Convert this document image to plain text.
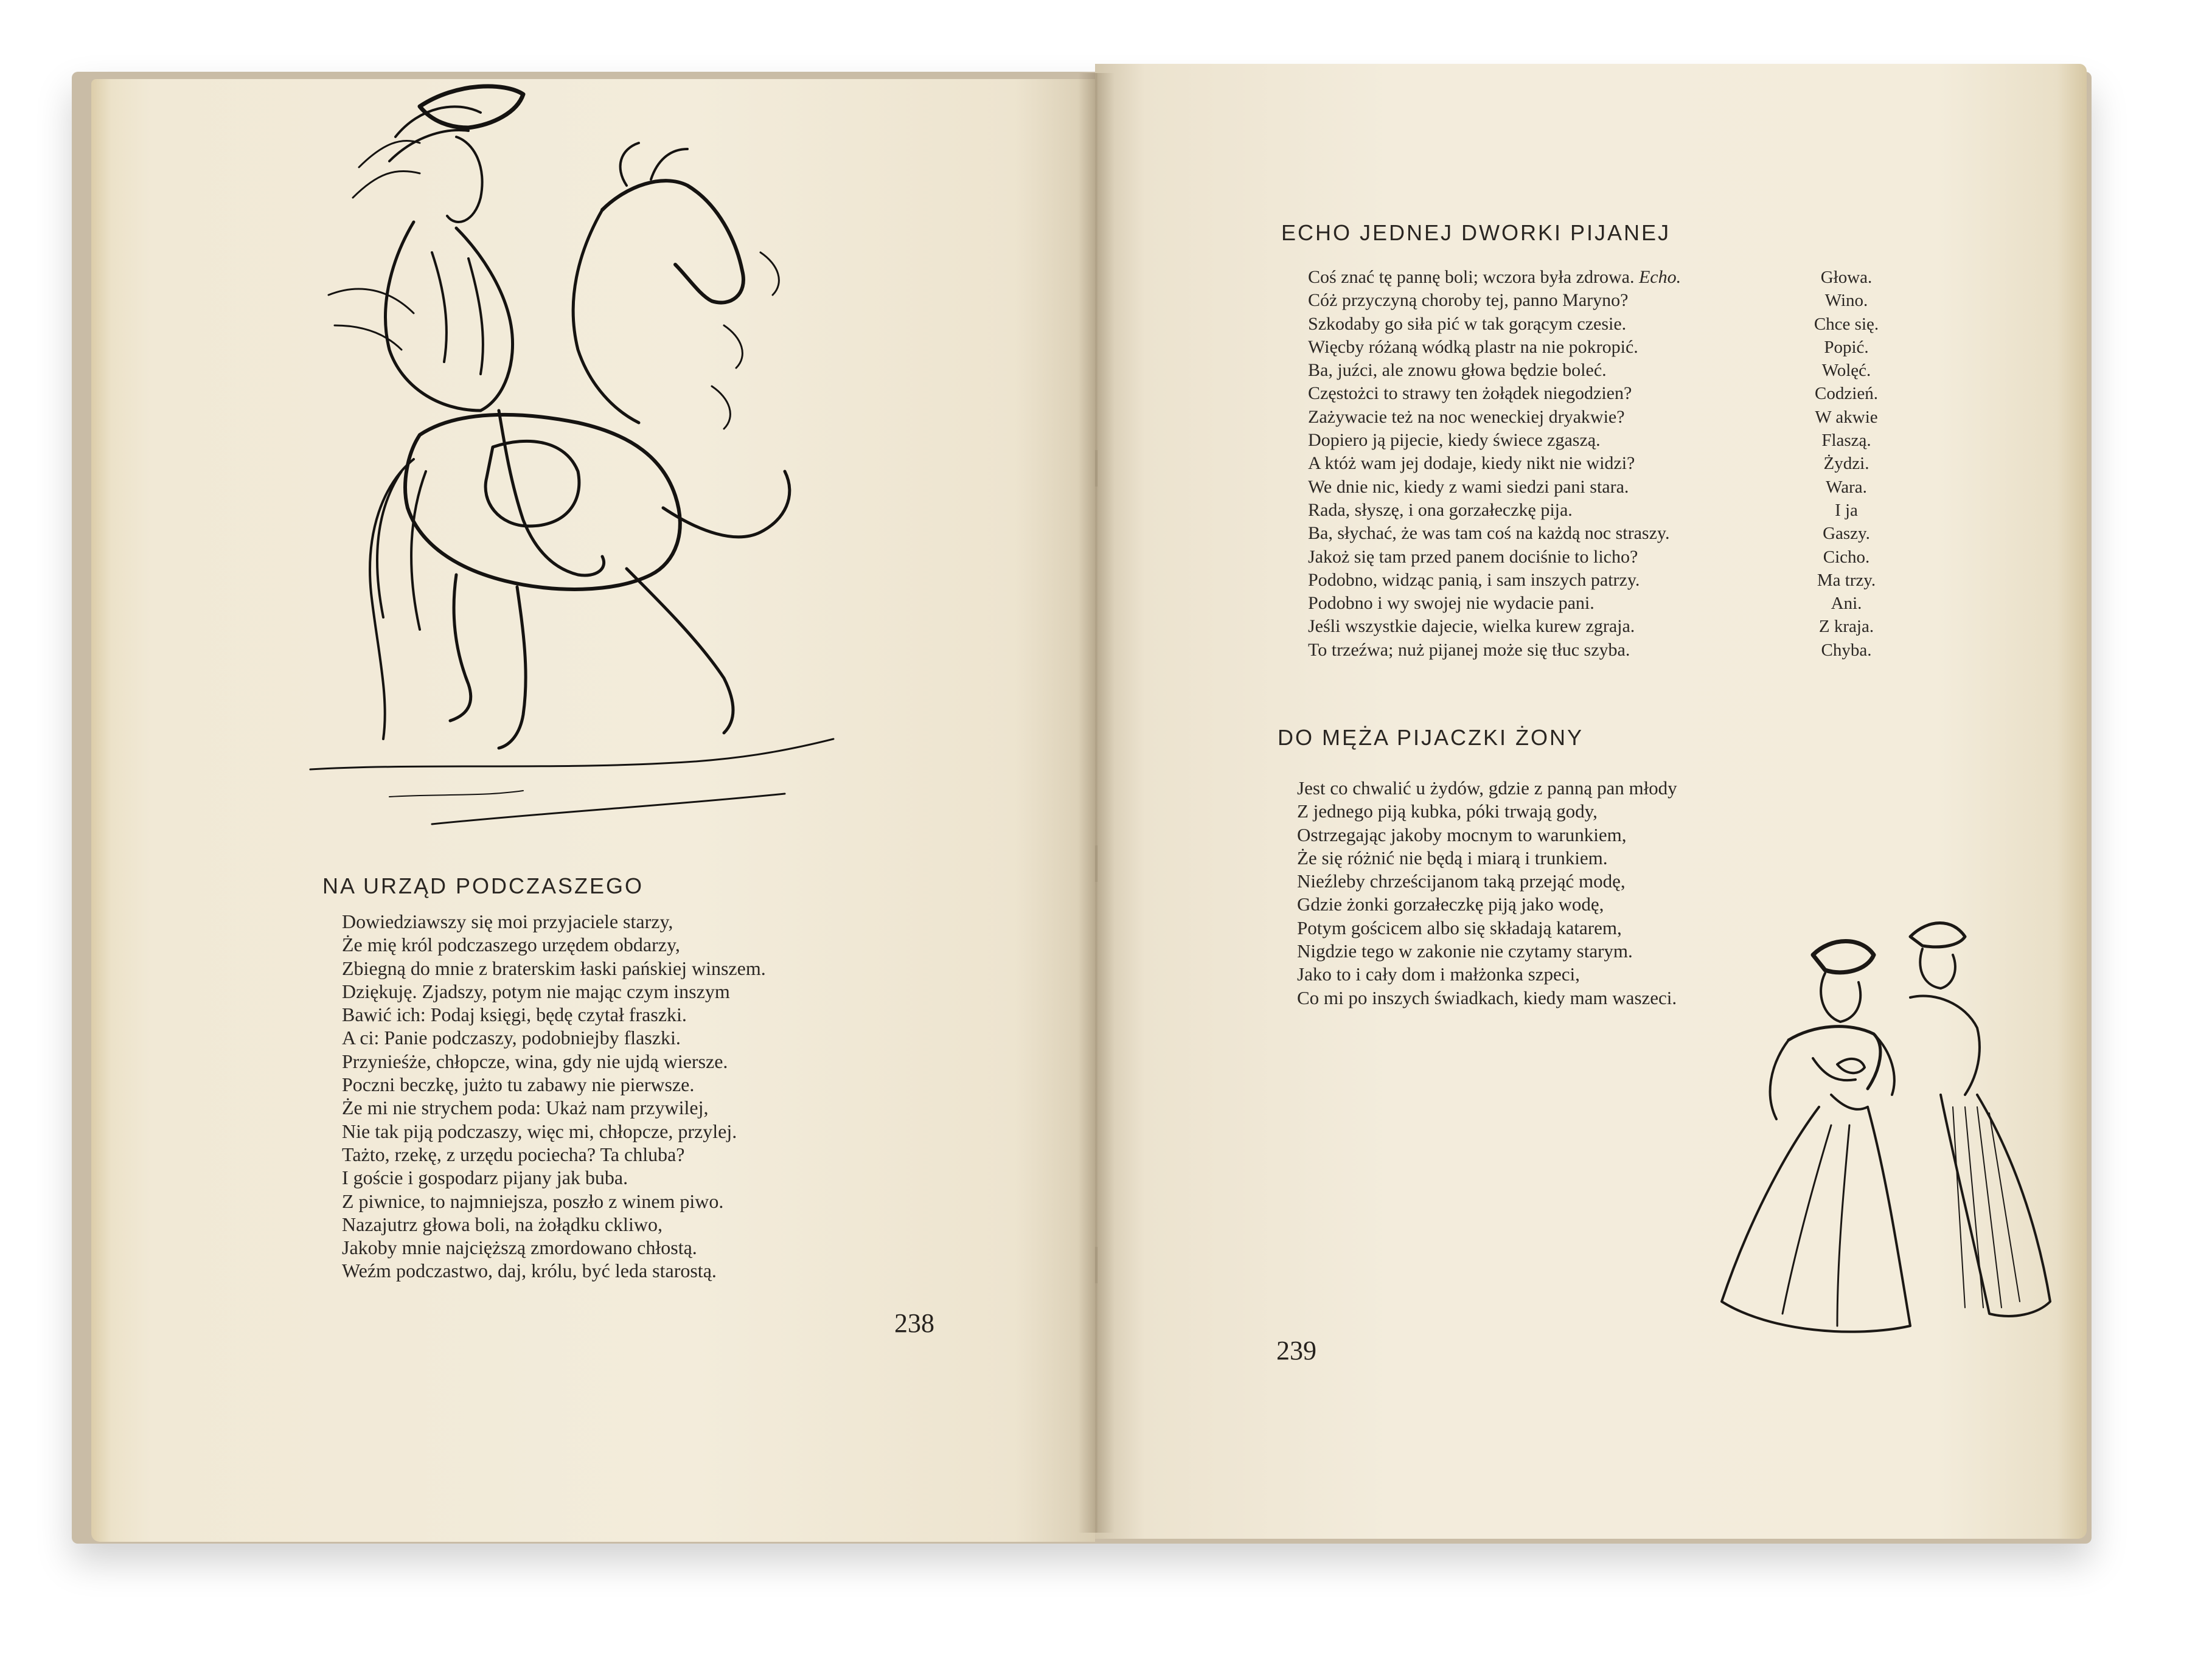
NA URZĄD PODCZASZEGO
Dowiedziawszy się moi przyjaciele starzy,
Że mię król podczaszego urzędem obdarzy,
Zbiegną do mnie z braterskim łaski pańskiej winszem.
Dziękuję. Zjadszy, potym nie mając czym inszym
Bawić ich: Podaj księgi, będę czytał fraszki.
A ci: Panie podczaszy, podobniejby flaszki.
Przynieśże, chłopcze, wina, gdy nie ujdą wiersze.
Poczni beczkę, jużto tu zabawy nie pierwsze.
Że mi nie strychem poda: Ukaż nam przywilej,
Nie tak piją podczaszy, więc mi, chłopcze, przylej.
Tażto, rzekę, z urzędu pociecha? Ta chluba?
I goście i gospodarz pijany jak buba.
Z piwnice, to najmniejsza, poszło z winem piwo.
Nazajutrz głowa boli, na żołądku ckliwo,
Jakoby mnie najcięższą zmordowano chłostą.
Weźm podczastwo, daj, królu, być leda starostą.
238
ECHO JEDNEJ DWORKI PIJANEJ
Coś znać tę pannę boli; wczora była zdrowa. Echo.
Cóż przyczyną choroby tej, panno Maryno?
Szkodaby go siła pić w tak gorącym czesie.
Więcby różaną wódką plastr na nie pokropić.
Ba, juźci, ale znowu głowa będzie boleć.
Częstożci to strawy ten żołądek niegodzien?
Zażywacie też na noc weneckiej dryakwie?
Dopiero ją pijecie, kiedy świece zgaszą.
A któż wam jej dodaje, kiedy nikt nie widzi?
We dnie nic, kiedy z wami siedzi pani stara.
Rada, słyszę, i ona gorzałeczkę pija.
Ba, słychać, że was tam coś na każdą noc straszy.
Jakoż się tam przed panem dociśnie to licho?
Podobno, widząc panią, i sam inszych patrzy.
Podobno i wy swojej nie wydacie pani.
Jeśli wszystkie dajecie, wielka kurew zgraja.
To trzeźwa; nuż pijanej może się tłuc szyba.
Głowa.
Wino.
Chce się.
Popić.
Wolęć.
Codzień.
W akwie
Flaszą.
Żydzi.
Wara.
I ja
Gaszy.
Cicho.
Ma trzy.
Ani.
Z kraja.
Chyba.
DO MĘŻA PIJACZKI ŻONY
Jest co chwalić u żydów, gdzie z panną pan młody
Z jednego piją kubka, póki trwają gody,
Ostrzegając jakoby mocnym to warunkiem,
Że się różnić nie będą i miarą i trunkiem.
Nieźleby chrześcijanom taką przejąć modę,
Gdzie żonki gorzałeczkę piją jako wodę,
Potym gościcem albo się składają katarem,
Nigdzie tego w zakonie nie czytamy starym.
Jako to i cały dom i małżonka szpeci,
Co mi po inszych świadkach, kiedy mam waszeci.
239
